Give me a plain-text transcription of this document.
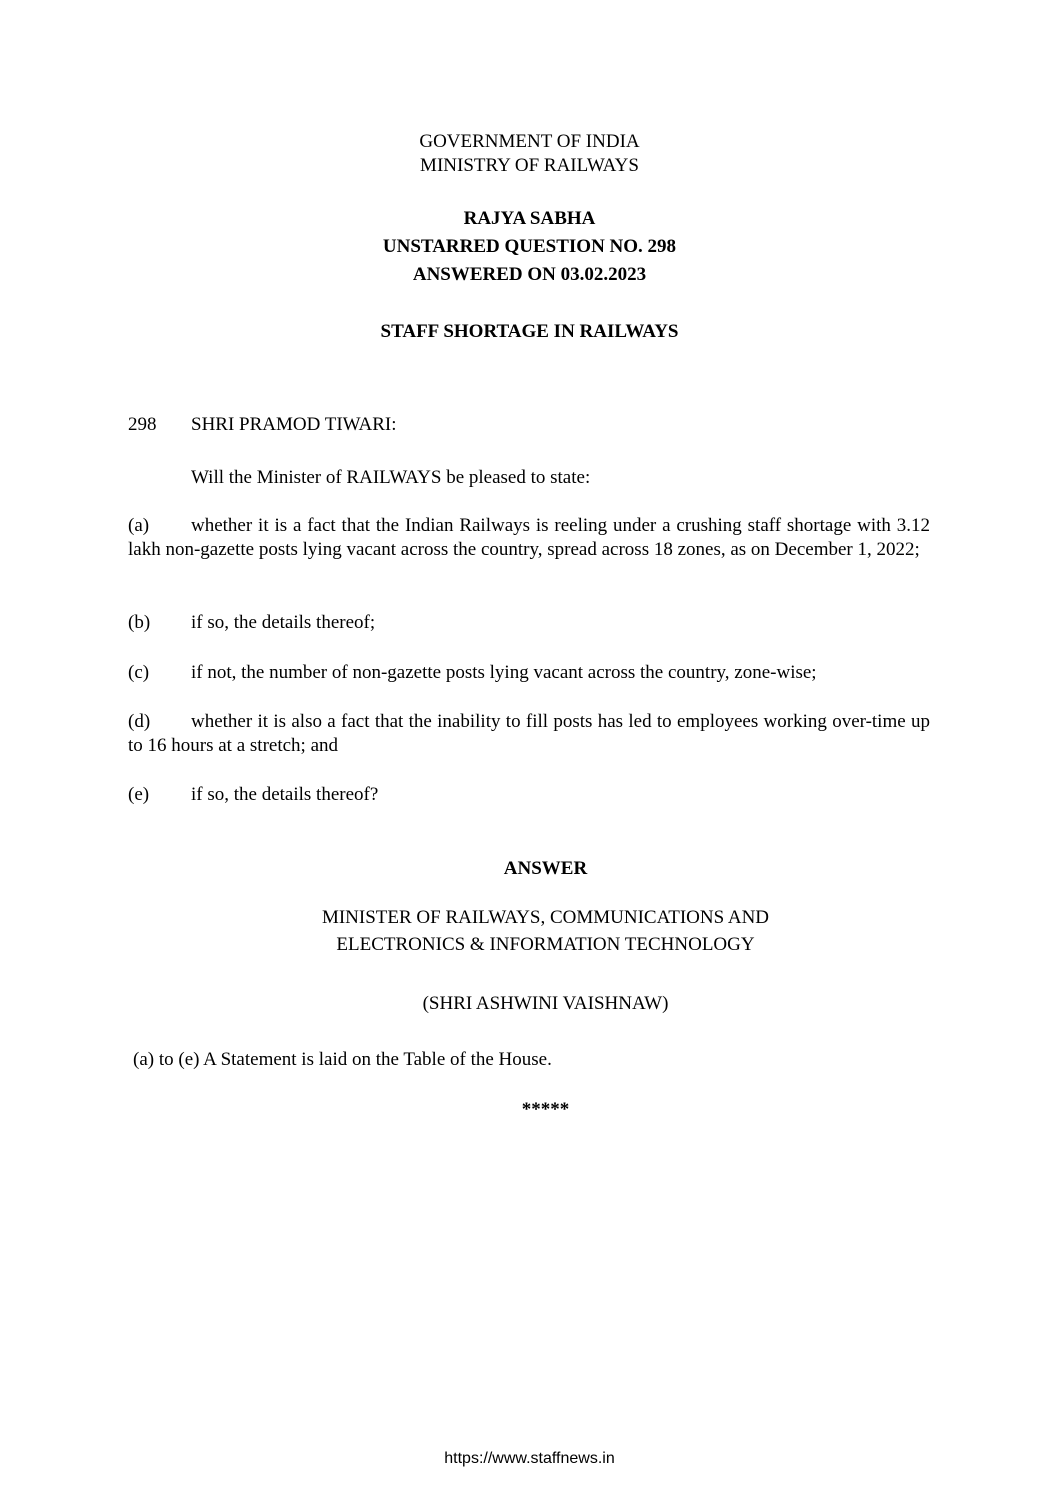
GOVERNMENT OF INDIA
MINISTRY OF RAILWAYS
RAJYA SABHA
UNSTARRED QUESTION NO. 298
ANSWERED ON 03.02.2023
STAFF SHORTAGE IN RAILWAYS
298 SHRI PRAMOD TIWARI:
Will the Minister of RAILWAYS be pleased to state:
(a) whether it is a fact that the Indian Railways is reeling under a crushing staff shortage with 3.12 lakh non-gazette posts lying vacant across the country, spread across 18 zones, as on December 1, 2022;
(b) if so, the details thereof;
(c) if not, the number of non-gazette posts lying vacant across the country, zone-wise;
(d) whether it is also a fact that the inability to fill posts has led to employees working over-time up to 16 hours at a stretch; and
(e) if so, the details thereof?
ANSWER
MINISTER OF RAILWAYS, COMMUNICATIONS AND
ELECTRONICS & INFORMATION TECHNOLOGY
(SHRI ASHWINI VAISHNAW)
(a) to (e) A Statement is laid on the Table of the House.
*****
https://www.staffnews.in
